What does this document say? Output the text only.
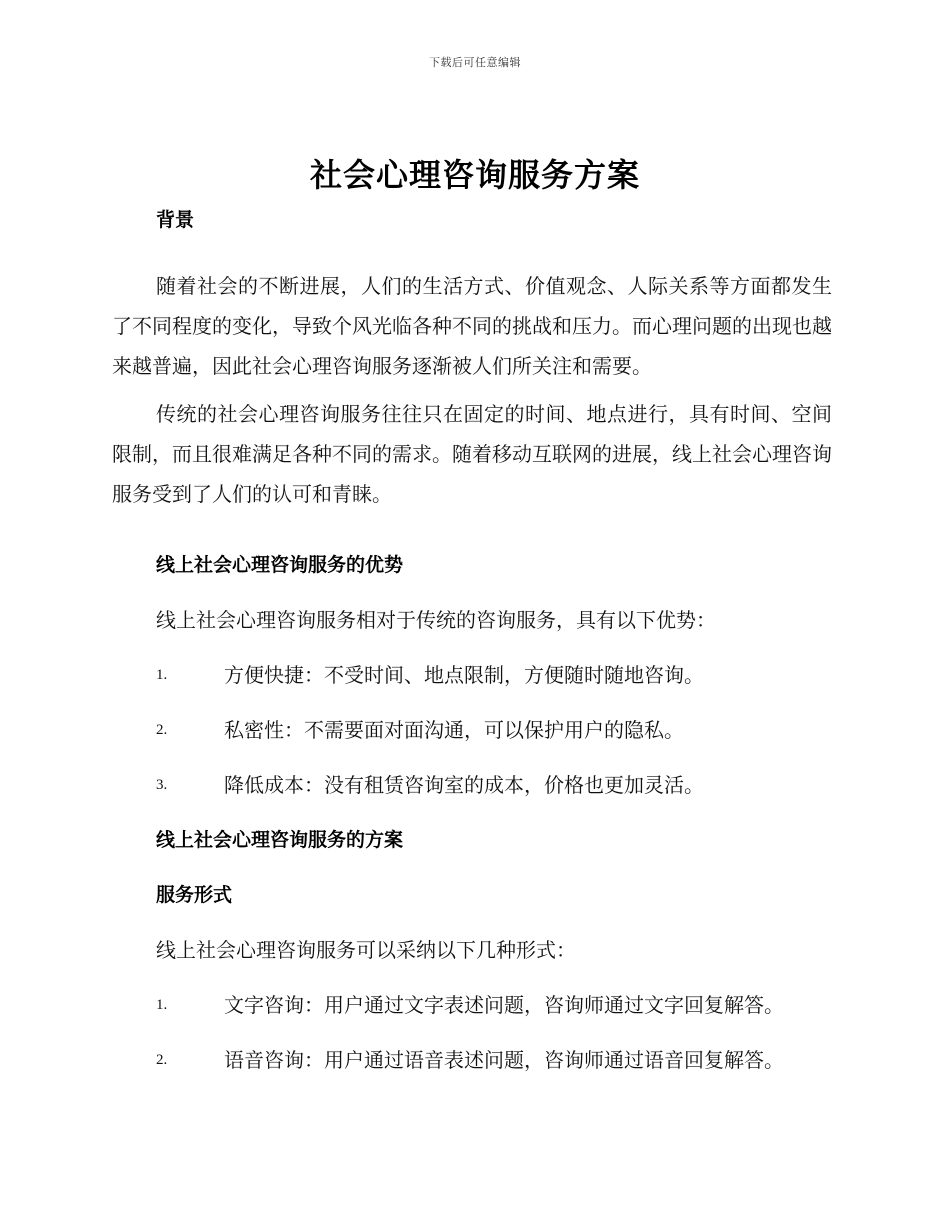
下载后可任意编辑
社会心理咨询服务方案
背景

随着社会的不断进展，人们的生活方式、价值观念、人际关系等方面都发生了不同程度的变化，导致个风光临各种不同的挑战和压力。而心理问题的出现也越来越普遍，因此社会心理咨询服务逐渐被人们所关注和需要。

传统的社会心理咨询服务往往只在固定的时间、地点进行，具有时间、空间限制，而且很难满足各种不同的需求。随着移动互联网的进展，线上社会心理咨询服务受到了人们的认可和青睐。

线上社会心理咨询服务的优势
线上社会心理咨询服务相对于传统的咨询服务，具有以下优势：
1.	方便快捷：不受时间、地点限制，方便随时随地咨询。
2.	私密性：不需要面对面沟通，可以保护用户的隐私。
3.	降低成本：没有租赁咨询室的成本，价格也更加灵活。
线上社会心理咨询服务的方案
服务形式
线上社会心理咨询服务可以采纳以下几种形式：
1.	文字咨询：用户通过文字表述问题，咨询师通过文字回复解答。
2.	语音咨询：用户通过语音表述问题，咨询师通过语音回复解答。
